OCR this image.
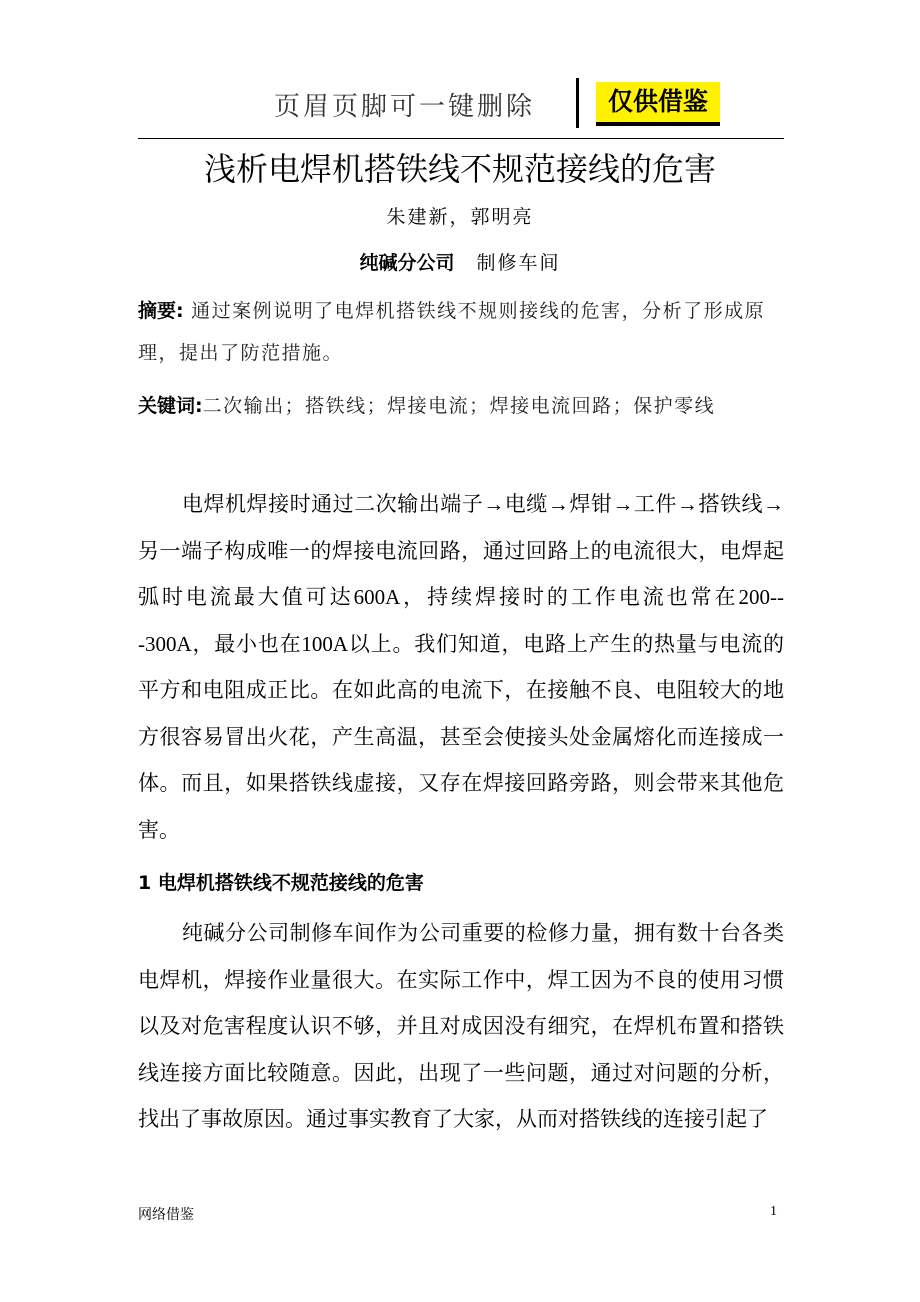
页眉页脚可一键删除	仅供借鉴
浅析电焊机搭铁线不规范接线的危害
朱建新，郭明亮
纯碱分公司 制修车间
摘要: 通过案例说明了电焊机搭铁线不规则接线的危害，分析了形成原理，提出了防范措施。
关键词:二次输出；搭铁线；焊接电流；焊接电流回路；保护零线
电焊机焊接时通过二次输出端子→电缆→焊钳→工件→搭铁线→另一端子构成唯一的焊接电流回路，通过回路上的电流很大，电焊起弧时电流最大值可达600A，持续焊接时的工作电流也常在200---300A，最小也在100A以上。我们知道，电路上产生的热量与电流的平方和电阻成正比。在如此高的电流下，在接触不良、电阻较大的地方很容易冒出火花，产生高温，甚至会使接头处金属熔化而连接成一体。而且，如果搭铁线虚接，又存在焊接回路旁路，则会带来其他危害。
1 电焊机搭铁线不规范接线的危害
纯碱分公司制修车间作为公司重要的检修力量，拥有数十台各类电焊机，焊接作业量很大。在实际工作中，焊工因为不良的使用习惯以及对危害程度认识不够，并且对成因没有细究，在焊机布置和搭铁线连接方面比较随意。因此，出现了一些问题，通过对问题的分析，找出了事故原因。通过事实教育了大家，从而对搭铁线的连接引起了
网络借鉴	1
